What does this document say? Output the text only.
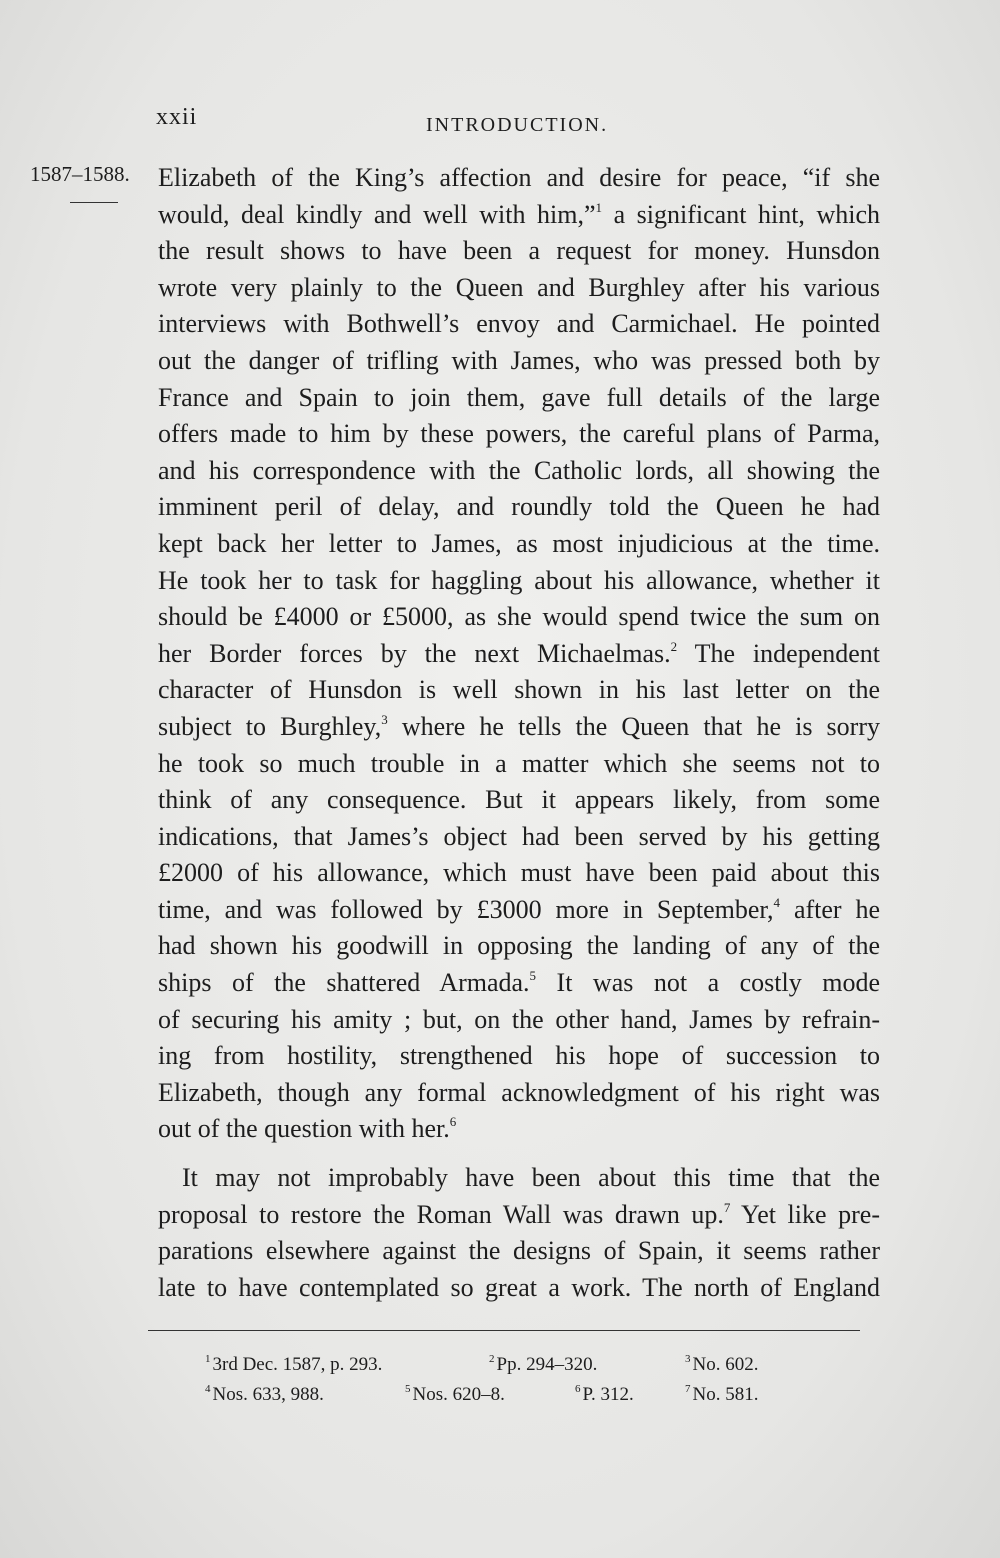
xxii	INTRODUCTION.
1587–1588. Elizabeth of the King’s affection and desire for peace, “if she
would, deal kindly and well with him,”$^1$ a significant hint, which
the result shows to have been a request for money. Hunsdon
wrote very plainly to the Queen and Burghley after his various
interviews with Bothwell’s envoy and Carmichael. He pointed
out the danger of trifling with James, who was pressed both by
France and Spain to join them, gave full details of the large
offers made to him by these powers, the careful plans of Parma,
and his correspondence with the Catholic lords, all showing the
imminent peril of delay, and roundly told the Queen he had
kept back her letter to James, as most injudicious at the time.
He took her to task for haggling about his allowance, whether it
should be £4000 or £5000, as she would spend twice the sum on
her Border forces by the next Michaelmas.$^2$ The independent
character of Hunsdon is well shown in his last letter on the
subject to Burghley,$^3$ where he tells the Queen that he is sorry
he took so much trouble in a matter which she seems not to
think of any consequence. But it appears likely, from some
indications, that James’s object had been served by his getting
£2000 of his allowance, which must have been paid about this
time, and was followed by £3000 more in September,$^4$ after he
had shown his goodwill in opposing the landing of any of the
ships of the shattered Armada.$^5$ It was not a costly mode
of securing his amity ; but, on the other hand, James by refrain-
ing from hostility, strengthened his hope of succession to
Elizabeth, though any formal acknowledgment of his right was
out of the question with her.$^6$
It may not improbably have been about this time that the
proposal to restore the Roman Wall was drawn up.$^7$ Yet like pre-
parations elsewhere against the designs of Spain, it seems rather
late to have contemplated so great a work. The north of England
$^1$ 3rd Dec. 1587, p. 293.	$^2$ Pp. 294–320.	$^3$ No. 602.
$^4$ Nos. 633, 988.	$^5$ Nos. 620–8.	$^6$ P. 312.	$^7$ No. 581.
